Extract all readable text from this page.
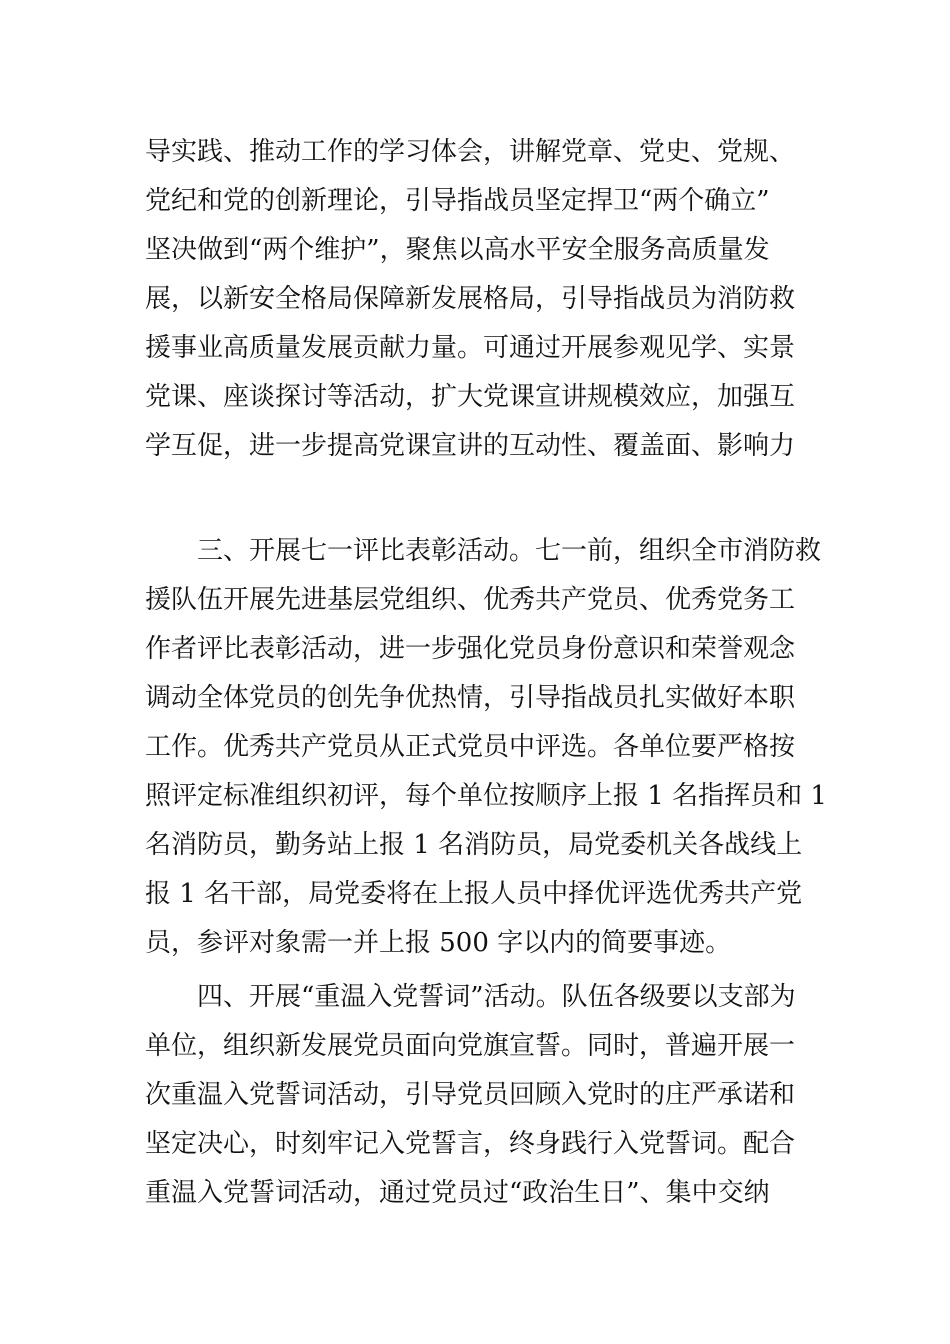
导实践、推动工作的学习体会，讲解党章、党史、党规、
党纪和党的创新理论，引导指战员坚定捍卫“两个确立”
坚决做到“两个维护”，聚焦以高水平安全服务高质量发
展，以新安全格局保障新发展格局，引导指战员为消防救
援事业高质量发展贡献力量。可通过开展参观见学、实景
党课、座谈探讨等活动，扩大党课宣讲规模效应，加强互
学互促，进一步提高党课宣讲的互动性、覆盖面、影响力
三、开展七一评比表彰活动。七一前，组织全市消防救
援队伍开展先进基层党组织、优秀共产党员、优秀党务工
作者评比表彰活动，进一步强化党员身份意识和荣誉观念
调动全体党员的创先争优热情，引导指战员扎实做好本职
工作。优秀共产党员从正式党员中评选。各单位要严格按
照评定标准组织初评，每个单位按顺序上报 1 名指挥员和 1
名消防员，勤务站上报 1 名消防员，局党委机关各战线上
报 1 名干部，局党委将在上报人员中择优评选优秀共产党
员，参评对象需一并上报 500 字以内的简要事迹。
四、开展“重温入党誓词”活动。队伍各级要以支部为
单位，组织新发展党员面向党旗宣誓。同时，普遍开展一
次重温入党誓词活动，引导党员回顾入党时的庄严承诺和
坚定决心，时刻牢记入党誓言，终身践行入党誓词。配合
重温入党誓词活动，通过党员过“政治生日”、集中交纳
